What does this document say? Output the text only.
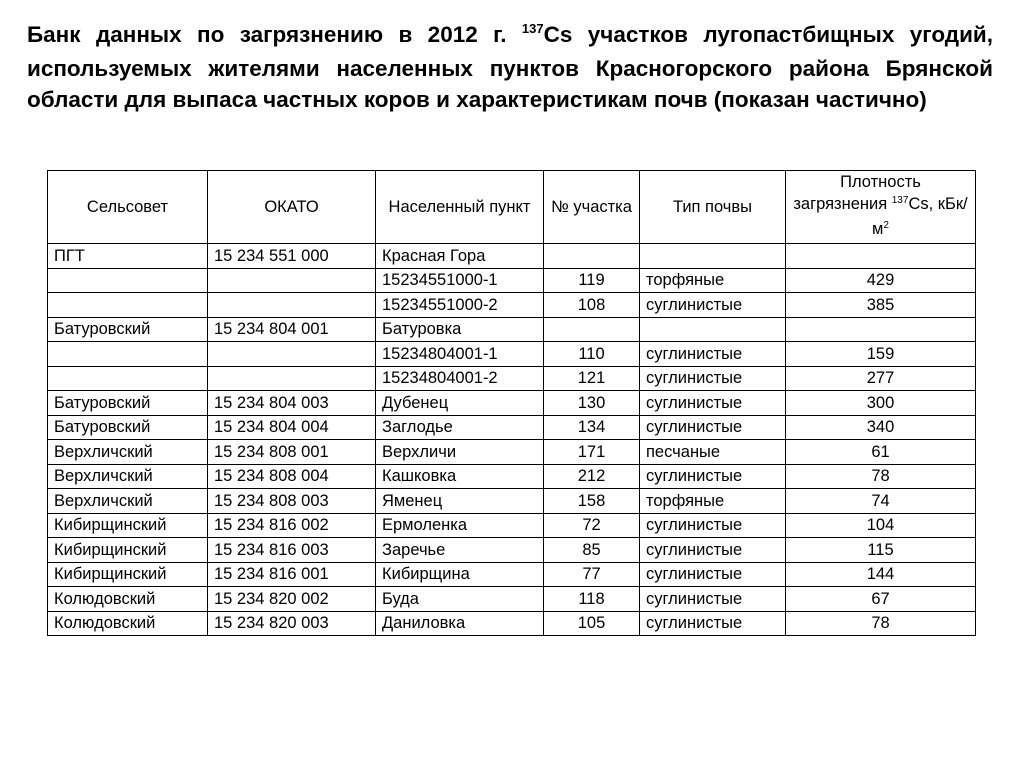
Банк данных по загрязнению в 2012 г. $^{137}$Cs участков лугопастбищных угодий, используемых жителями населенных пунктов Красногорского района Брянской области для выпаса частных коров и характеристикам почв (показан частично)

Сельсовет	ОКАТО	Населенный пункт	№ участка	Тип почвы	Плотность загрязнения $^{137}$Cs, кБк/$м^2$
ПГТ	15 234 551 000	Красная Гора			
		15234551000-1	119	торфяные	429
		15234551000-2	108	суглинистые	385
Батуровский	15 234 804 001	Батуровка			
		15234804001-1	110	суглинистые	159
		15234804001-2	121	суглинистые	277
Батуровский	15 234 804 003	Дубенец	130	суглинистые	300
Батуровский	15 234 804 004	Заглодье	134	суглинистые	340
Верхличский	15 234 808 001	Верхличи	171	песчаные	61
Верхличский	15 234 808 004	Кашковка	212	суглинистые	78
Верхличский	15 234 808 003	Яменец	158	торфяные	74
Кибирщинский	15 234 816 002	Ермоленка	72	суглинистые	104
Кибирщинский	15 234 816 003	Заречье	85	суглинистые	115
Кибирщинский	15 234 816 001	Кибирщина	77	суглинистые	144
Колюдовский	15 234 820 002	Буда	118	суглинистые	67
Колюдовский	15 234 820 003	Даниловка	105	суглинистые	78
